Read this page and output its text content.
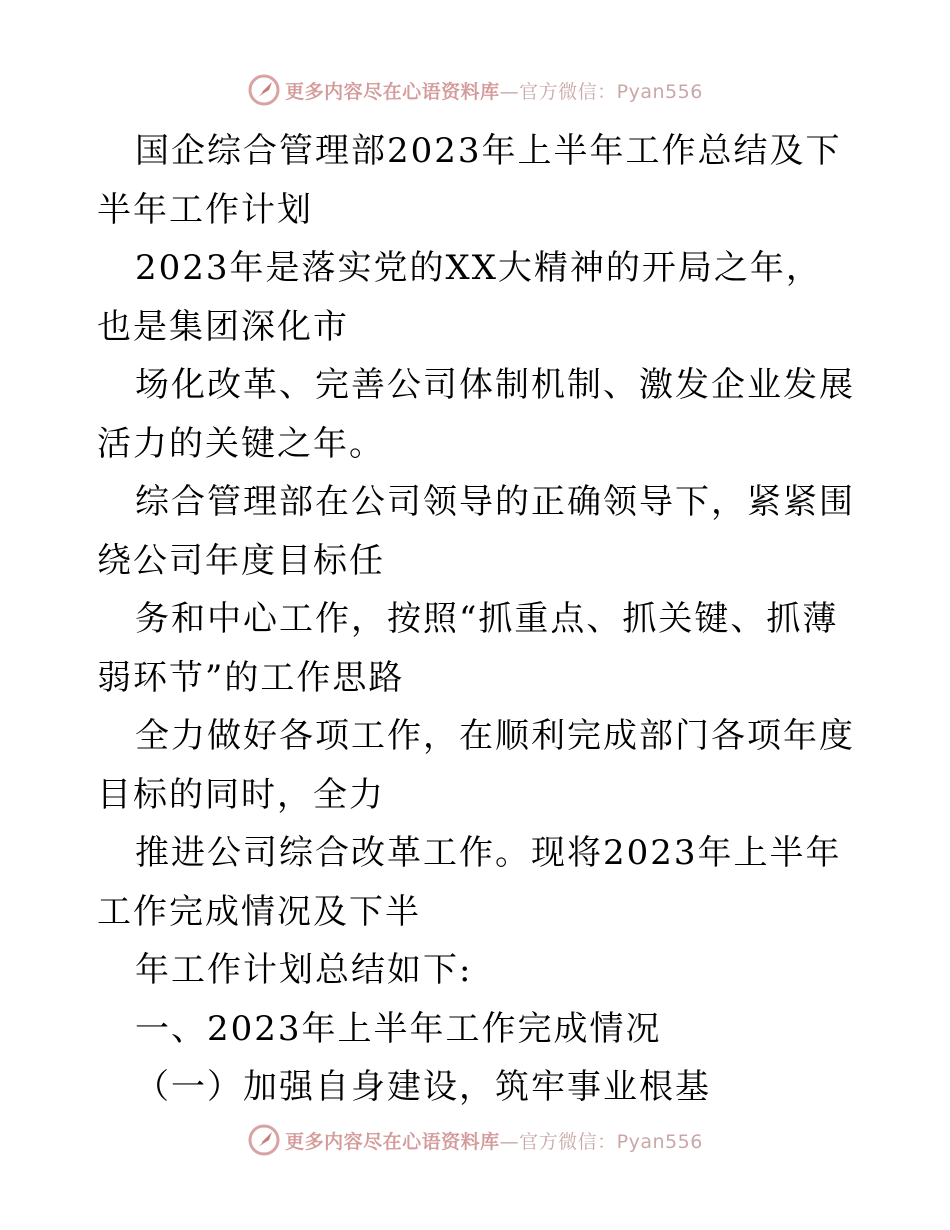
更多内容尽在心语资料库—官方微信：Pyan556

国企综合管理部2023年上半年工作总结及下半年工作计划

2023年是落实党的XX大精神的开局之年，也是集团深化市

场化改革、完善公司体制机制、激发企业发展活力的关键之年。

综合管理部在公司领导的正确领导下，紧紧围绕公司年度目标任

务和中心工作，按照“抓重点、抓关键、抓薄弱环节”的工作思路

全力做好各项工作，在顺利完成部门各项年度目标的同时，全力

推进公司综合改革工作。现将2023年上半年工作完成情况及下半

年工作计划总结如下:

一、2023年上半年工作完成情况

（一）加强自身建设，筑牢事业根基

更多内容尽在心语资料库—官方微信：Pyan556
